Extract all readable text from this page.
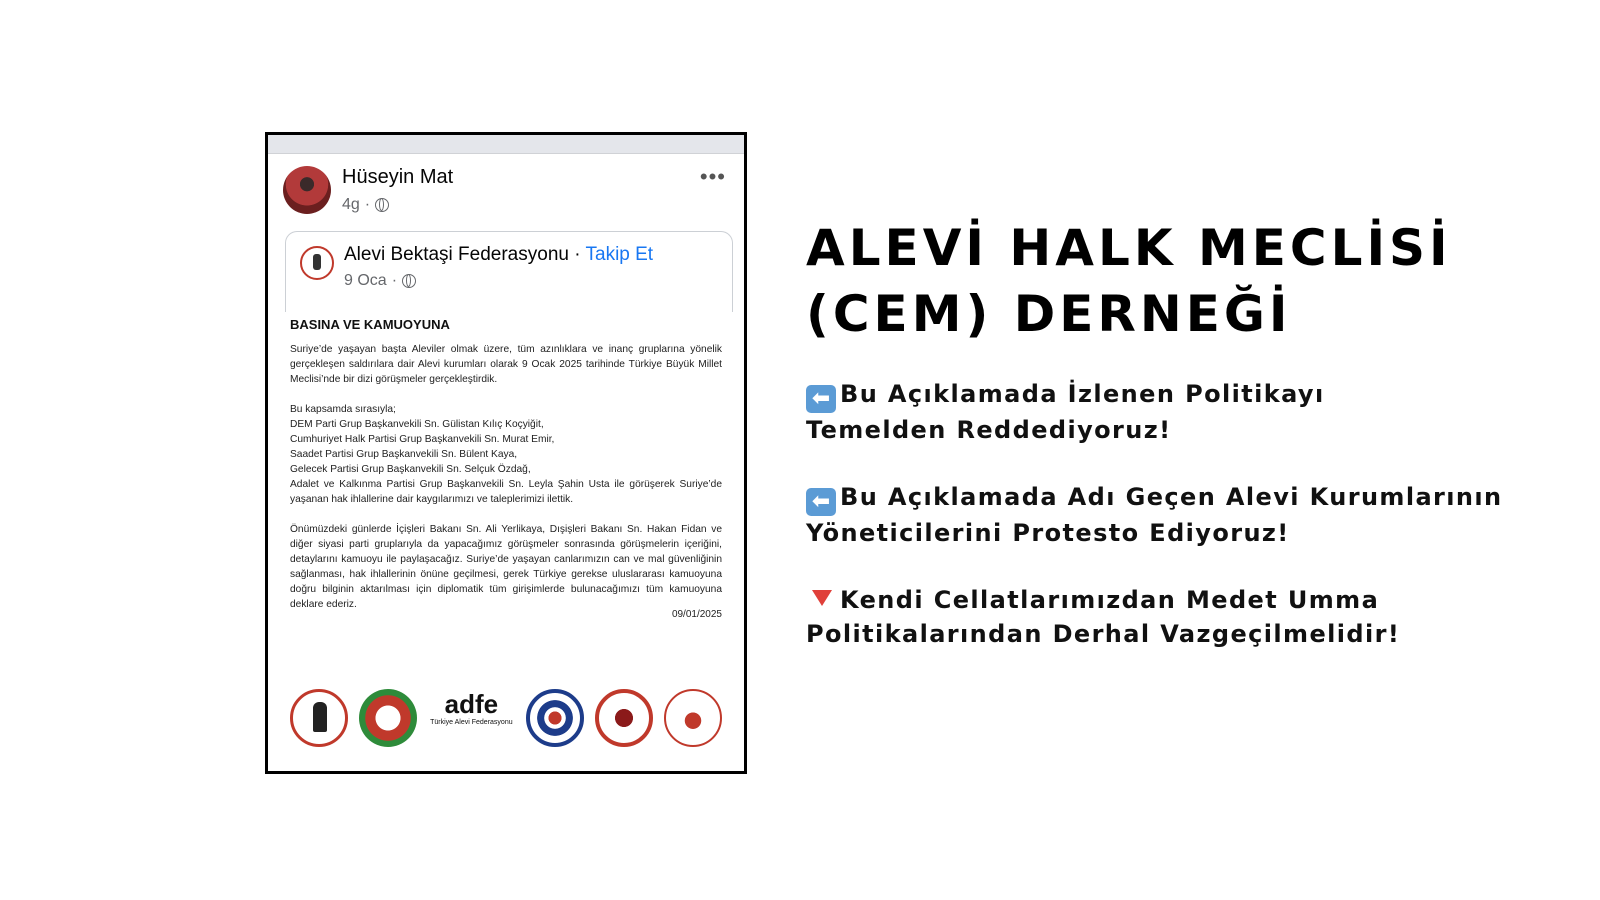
Hüseyin Mat
4g ·
•••
Alevi Bektaşi Federasyonu · Takip Et
9 Oca ·
BASINA VE KAMUOYUNA

Suriye’de yaşayan başta Aleviler olmak üzere, tüm azınlıklara ve inanç gruplarına yönelik gerçekleşen saldırılara dair Alevi kurumları olarak 9 Ocak 2025 tarihinde Türkiye Büyük Millet Meclisi’nde bir dizi görüşmeler gerçekleştirdik.

Bu kapsamda sırasıyla;

DEM Parti Grup Başkanvekili Sn. Gülistan Kılıç Koçyiğit,

Cumhuriyet Halk Partisi Grup Başkanvekili Sn. Murat Emir,

Saadet Partisi Grup Başkanvekili Sn. Bülent Kaya,

Gelecek Partisi Grup Başkanvekili Sn. Selçuk Özdağ,

Adalet ve Kalkınma Partisi Grup Başkanvekili Sn. Leyla Şahin Usta ile görüşerek Suriye’de yaşanan hak ihlallerine dair kaygılarımızı ve taleplerimizi ilettik.

Önümüzdeki günlerde İçişleri Bakanı Sn. Ali Yerlikaya, Dışişleri Bakanı Sn. Hakan Fidan ve diğer siyasi parti gruplarıyla da yapacağımız görüşmeler sonrasında görüşmelerin içeriğini, detaylarını kamuoyu ile paylaşacağız. Suriye’de yaşayan canlarımızın can ve mal güvenliğinin sağlanması, hak ihlallerinin önüne geçilmesi, gerek Türkiye gerekse uluslararası kamuoyuna doğru bilginin aktarılması için diplomatik tüm girişimlerde bulunacağımızı tüm kamuoyuna deklare ederiz.

09/01/2025
adfe
Türkiye Alevi Federasyonu
ALEVİ HALK MECLİSİ
(CEM) DERNEĞİ
⬅ Bu Açıklamada İzlenen Politikayı
Temelden Reddediyoruz!
⬅ Bu Açıklamada Adı Geçen Alevi Kurumlarının
Yöneticilerini Protesto Ediyoruz!
Kendi Cellatlarımızdan Medet Umma
Politikalarından Derhal Vazgeçilmelidir!
